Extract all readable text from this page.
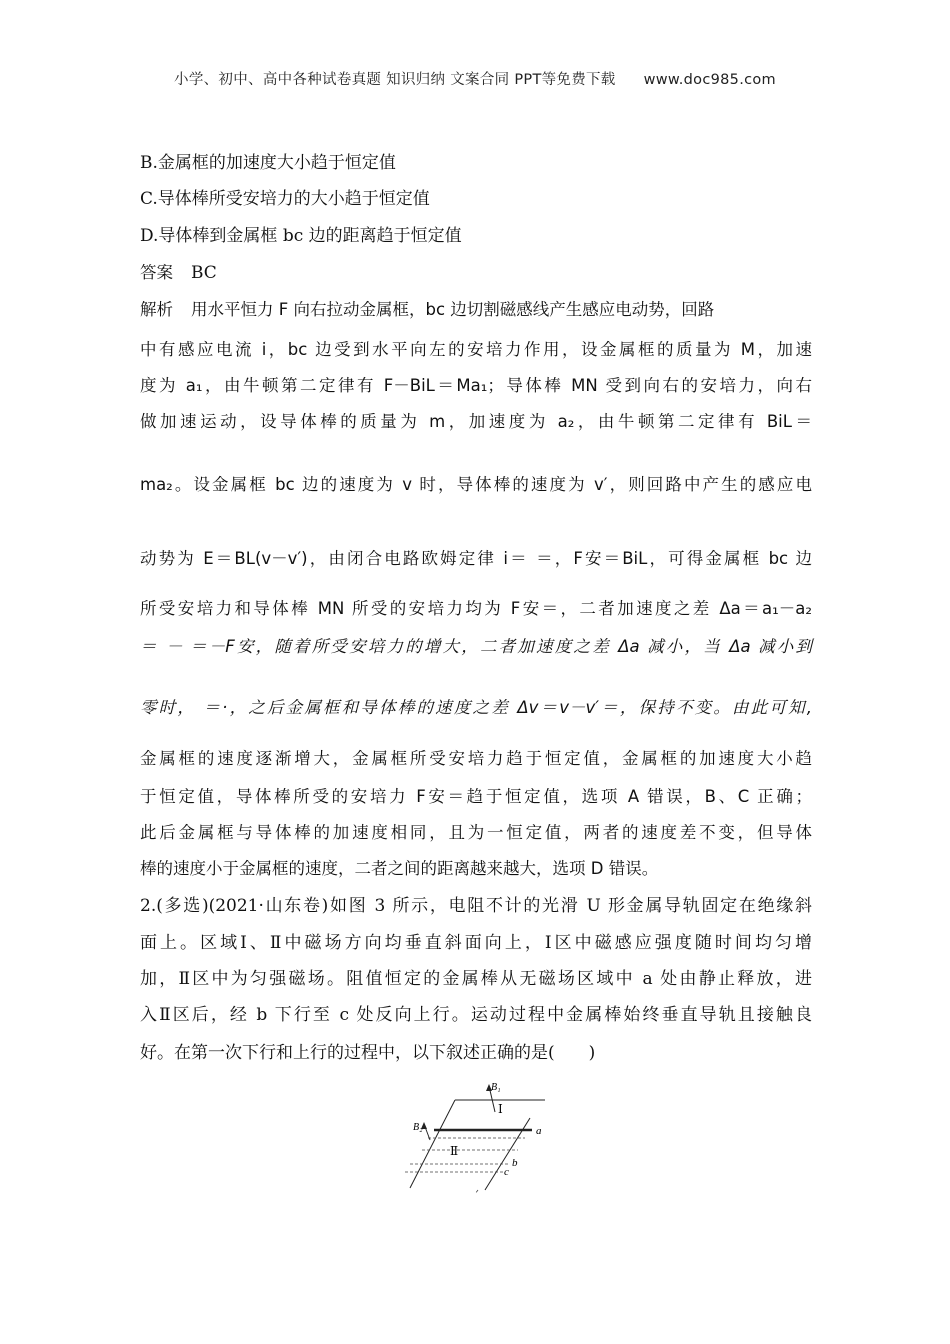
小学、初中、高中各种试卷真题 知识归纳 文案合同 PPT等免费下载 www.doc985.com
B.金属框的加速度大小趋于恒定值
C.导体棒所受安培力的大小趋于恒定值
D.导体棒到金属框 bc 边的距离趋于恒定值
答案 BC
解析 用水平恒力 F 向右拉动金属框，bc 边切割磁感线产生感应电动势，回路
中有感应电流 i，bc 边受到水平向左的安培力作用，设金属框的质量为 M，加速
度为 a₁，由牛顿第二定律有 F－BiL＝Ma₁；导体棒 MN 受到向右的安培力，向右
做加速运动，设导体棒的质量为 m，加速度为 a₂，由牛顿第二定律有 BiL＝
ma₂。设金属框 bc 边的速度为 v 时，导体棒的速度为 v′，则回路中产生的感应电
动势为 E＝BL(v－v′)，由闭合电路欧姆定律 i＝ ＝，F安＝BiL，可得金属框 bc 边
所受安培力和导体棒 MN 所受的安培力均为 F安＝，二者加速度之差 Δa＝a₁－a₂
＝ － ＝－F安，随着所受安培力的增大，二者加速度之差 Δa 减小，当 Δa 减小到
零时， ＝·，之后金属框和导体棒的速度之差 Δv＝v－v′＝，保持不变。由此可知,
金属框的速度逐渐增大，金属框所受安培力趋于恒定值，金属框的加速度大小趋
于恒定值，导体棒所受的安培力 F安＝趋于恒定值，选项 A 错误，B、C 正确；
此后金属框与导体棒的加速度相同，且为一恒定值，两者的速度差不变，但导体
棒的速度小于金属框的速度，二者之间的距离越来越大，选项 D 错误。
2.(多选)(2021·山东卷)如图 3 所示，电阻不计的光滑 U 形金属导轨固定在绝缘斜
面上。区域Ⅰ、Ⅱ中磁场方向均垂直斜面向上，Ⅰ区中磁感应强度随时间均匀增
加，Ⅱ区中为匀强磁场。阻值恒定的金属棒从无磁场区域中 a 处由静止释放，进
入Ⅱ区后，经 b 下行至 c 处反向上行。运动过程中金属棒始终垂直导轨且接触良
好。在第一次下行和上行的过程中，以下叙述正确的是(　　)
B₁
Ⅰ
B₂
Ⅱ
a
b
c
